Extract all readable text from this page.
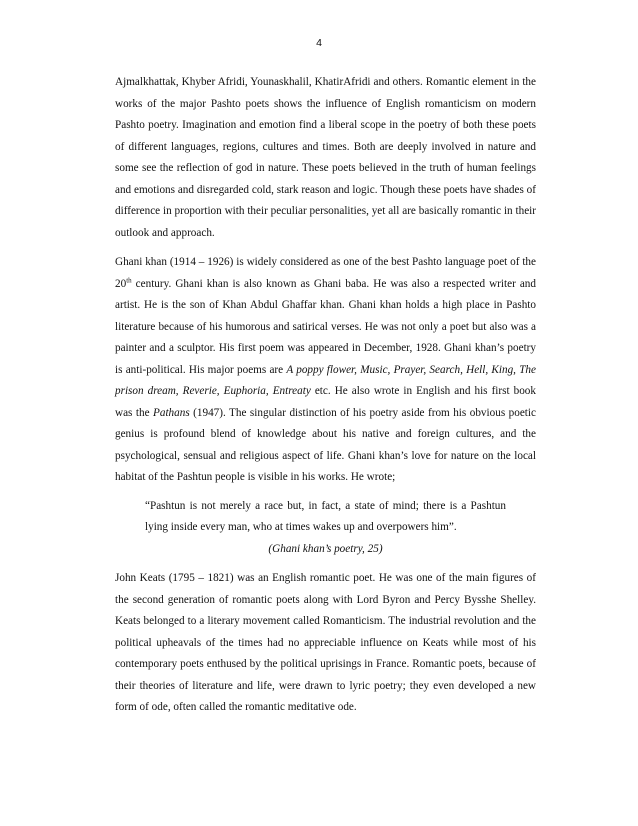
4

Ajmalkhattak, Khyber Afridi, Younaskhalil, KhatirAfridi and others. Romantic element in the works of the major Pashto poets shows the influence of English romanticism on modern Pashto poetry. Imagination and emotion find a liberal scope in the poetry of both these poets of different languages, regions, cultures and times. Both are deeply involved in nature and some see the reflection of god in nature. These poets believed in the truth of human feelings and emotions and disregarded cold, stark reason and logic. Though these poets have shades of difference in proportion with their peculiar personalities, yet all are basically romantic in their outlook and approach.

Ghani khan (1914 – 1926) is widely considered as one of the best Pashto language poet of the 20th century. Ghani khan is also known as Ghani baba. He was also a respected writer and artist. He is the son of Khan Abdul Ghaffar khan. Ghani khan holds a high place in Pashto literature because of his humorous and satirical verses. He was not only a poet but also was a painter and a sculptor. His first poem was appeared in December, 1928. Ghani khan’s poetry is anti-political. His major poems are A poppy flower, Music, Prayer, Search, Hell, King, The prison dream, Reverie, Euphoria, Entreaty etc. He also wrote in English and his first book was the Pathans (1947). The singular distinction of his poetry aside from his obvious poetic genius is profound blend of knowledge about his native and foreign cultures, and the psychological, sensual and religious aspect of life. Ghani khan’s love for nature on the local habitat of the Pashtun people is visible in his works. He wrote;

“Pashtun is not merely a race but, in fact, a state of mind; there is a Pashtun lying inside every man, who at times wakes up and overpowers him”.

(Ghani khan’s poetry, 25)

John Keats (1795 – 1821) was an English romantic poet. He was one of the main figures of the second generation of romantic poets along with Lord Byron and Percy Bysshe Shelley. Keats belonged to a literary movement called Romanticism. The industrial revolution and the political upheavals of the times had no appreciable influence on Keats while most of his contemporary poets enthused by the political uprisings in France. Romantic poets, because of their theories of literature and life, were drawn to lyric poetry; they even developed a new form of ode, often called the romantic meditative ode.
